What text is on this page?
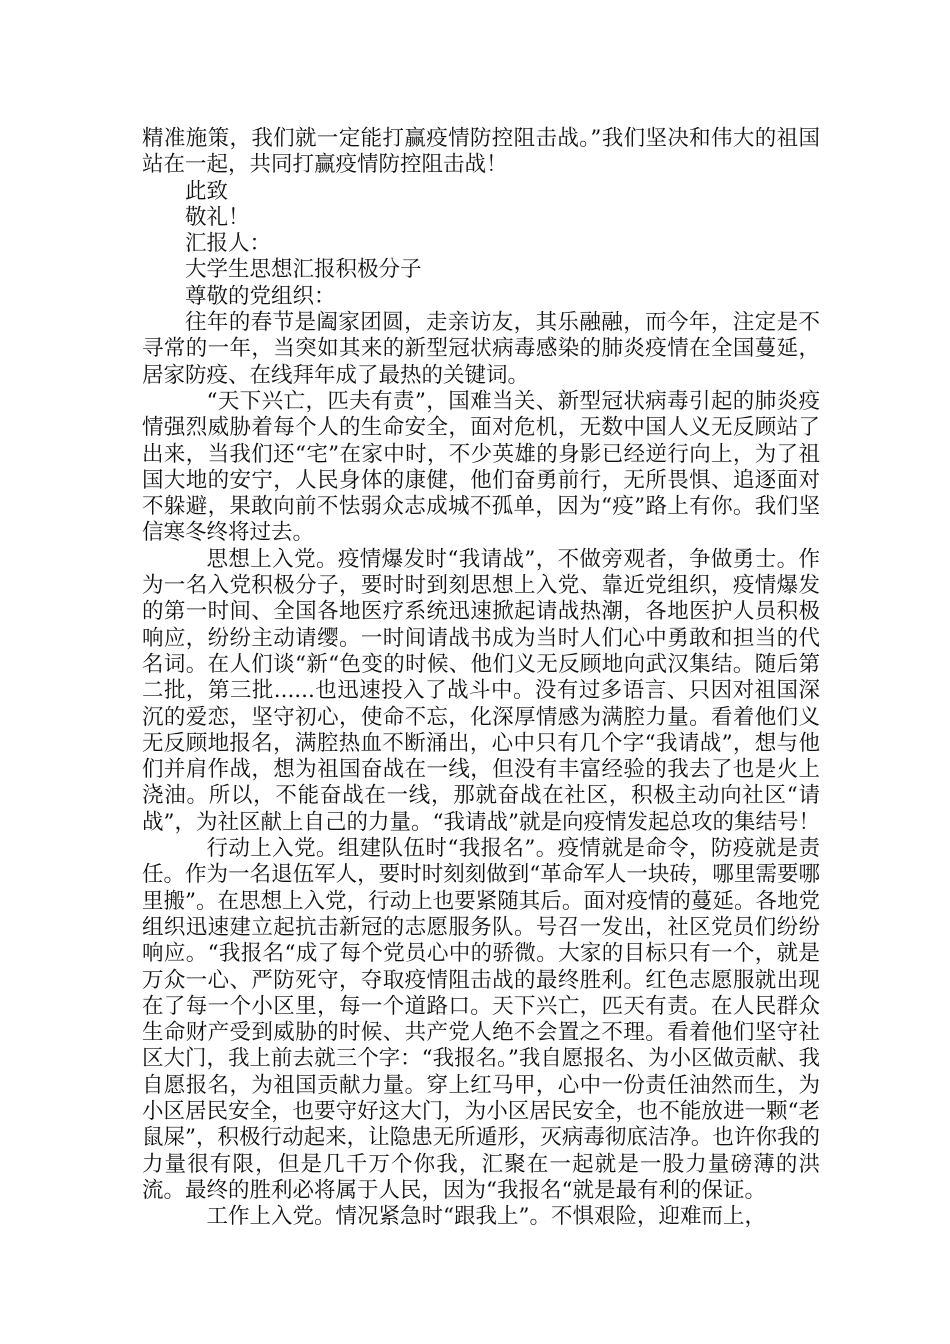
精准施策，我们就一定能打赢疫情防控阻击战。”我们坚决和伟大的祖国站在一起，共同打赢疫情防控阻击战！

此致

敬礼！

汇报人：

大学生思想汇报积极分子

尊敬的党组织：

往年的春节是阖家团圆，走亲访友，其乐融融，而今年，注定是不寻常的一年，当突如其来的新型冠状病毒感染的肺炎疫情在全国蔓延，居家防疫、在线拜年成了最热的关键词。

“天下兴亡，匹夫有责”，国难当关、新型冠状病毒引起的肺炎疫情强烈威胁着每个人的生命安全，面对危机，无数中国人义无反顾站了出来，当我们还“宅”在家中时，不少英雄的身影已经逆行向上，为了祖国大地的安宁，人民身体的康健，他们奋勇前行，无所畏惧、追逐面对不躲避，果敢向前不怯弱众志成城不孤单，因为“疫”路上有你。我们坚信寒冬终将过去。

思想上入党。疫情爆发时“我请战”，不做旁观者，争做勇士。作为一名入党积极分子，要时时到刻思想上入党、靠近党组织，疫情爆发的第一时间、全国各地医疗系统迅速掀起请战热潮，各地医护人员积极响应，纷纷主动请缨。一时间请战书成为当时人们心中勇敢和担当的代名词。在人们谈“新“色变的时候、他们义无反顾地向武汉集结。随后第二批，第三批......也迅速投入了战斗中。没有过多语言、只因对祖国深沉的爱恋，坚守初心，使命不忘，化深厚情感为满腔力量。看着他们义无反顾地报名，满腔热血不断涌出，心中只有几个字“我请战”，想与他们并肩作战，想为祖国奋战在一线，但没有丰富经验的我去了也是火上浇油。所以，不能奋战在一线，那就奋战在社区，积极主动向社区“请战”，为社区献上自己的力量。“我请战”就是向疫情发起总攻的集结号！

行动上入党。组建队伍时“我报名”。疫情就是命令，防疫就是责任。作为一名退伍军人，要时时刻刻做到“革命军人一块砖，哪里需要哪里搬”。在思想上入党，行动上也要紧随其后。面对疫情的蔓延。各地党组织迅速建立起抗击新冠的志愿服务队。号召一发出，社区党员们纷纷响应。“我报名“成了每个党员心中的骄微。大家的目标只有一个，就是万众一心、严防死守，夺取疫情阻击战的最终胜利。红色志愿服就出现在了每一个小区里，每一个道路口。天下兴亡，匹天有责。在人民群众生命财产受到威胁的时候、共产党人绝不会置之不理。看着他们坚守社区大门，我上前去就三个字：“我报名。”我自愿报名、为小区做贡献、我自愿报名，为祖国贡献力量。穿上红马甲，心中一份责任油然而生，为小区居民安全，也要守好这大门，为小区居民安全，也不能放进一颗“老鼠屎”，积极行动起来，让隐患无所遁形，灭病毒彻底洁净。也许你我的力量很有限，但是几千万个你我，汇聚在一起就是一股力量磅薄的洪流。最终的胜利必将属于人民，因为“我报名“就是最有利的保证。

工作上入党。情况紧急时“跟我上”。不惧艰险，迎难而上，
